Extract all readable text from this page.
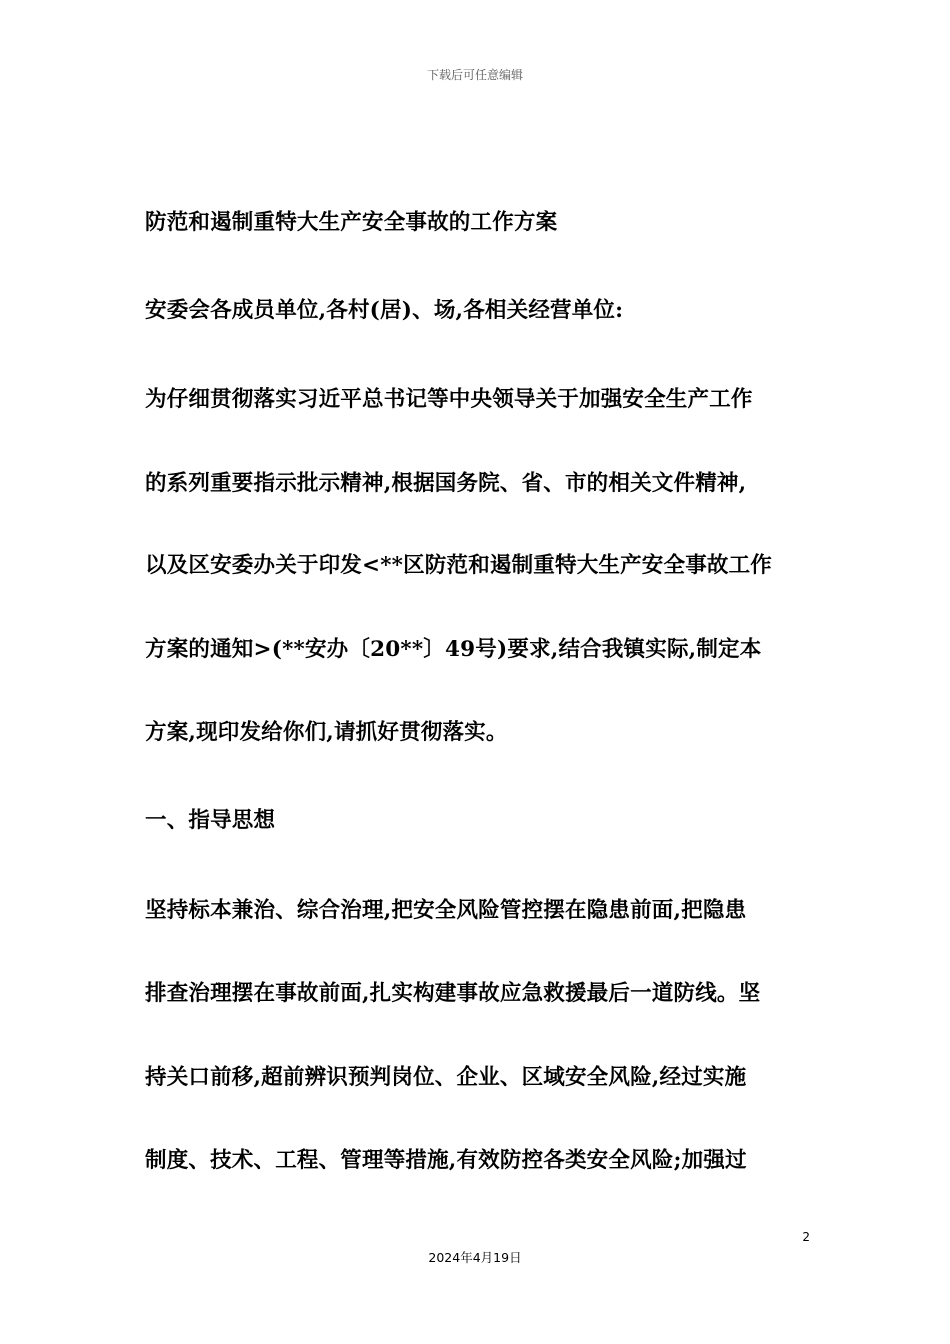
下载后可任意编辑
防范和遏制重特大生产安全事故的工作方案
安委会各成员单位,各村(居)、场,各相关经营单位:
为仔细贯彻落实习近平总书记等中央领导关于加强安全生产工作
的系列重要指示批示精神,根据国务院、省、市的相关文件精神,
以及区安委办关于印发<**区防范和遏制重特大生产安全事故工作
方案的通知>(**安办〔20**〕49号)要求,结合我镇实际,制定本
方案,现印发给你们,请抓好贯彻落实。
一、指导思想
坚持标本兼治、综合治理,把安全风险管控摆在隐患前面,把隐患
排查治理摆在事故前面,扎实构建事故应急救援最后一道防线。坚
持关口前移,超前辨识预判岗位、企业、区域安全风险,经过实施
制度、技术、工程、管理等措施,有效防控各类安全风险;加强过
2
2024年4月19日
